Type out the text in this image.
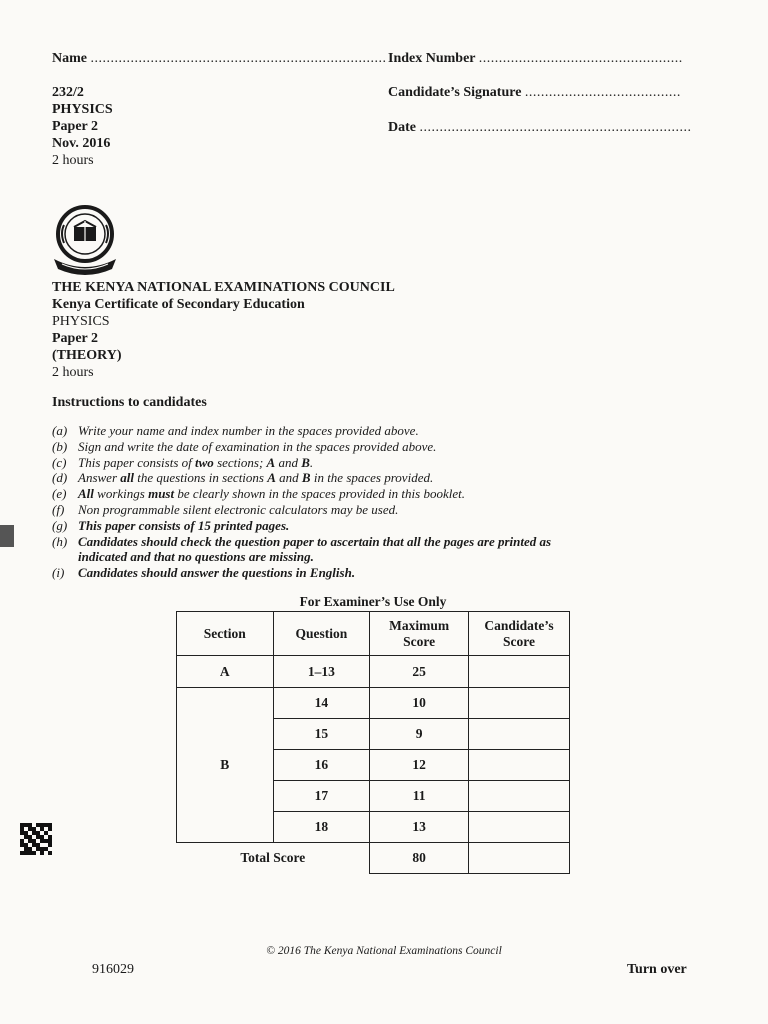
Name .......................................................................... Index Number ...................................................
Candidate’s Signature .......................................
Date ....................................................................
232/2
PHYSICS
Paper 2
Nov. 2016
2 hours
THE KENYA NATIONAL EXAMINATIONS COUNCIL
Kenya Certificate of Secondary Education
PHYSICS
Paper 2
(THEORY)
2 hours
Instructions to candidates
(a) Write your name and index number in the spaces provided above.
(b) Sign and write the date of examination in the spaces provided above.
(c) This paper consists of two sections; A and B.
(d) Answer all the questions in sections A and B in the spaces provided.
(e) All workings must be clearly shown in the spaces provided in this booklet.
(f)	Non programmable silent electronic calculators may be used.
(g) This paper consists of 15 printed pages.
(h) Candidates should check the question paper to ascertain that all the pages are printed as
indicated and that no questions are missing.
(i)	Candidates should answer the questions in English.
For Examiner’s Use Only
Section	Question	Maximum Score	Candidate’s Score
A	1–13	25	
B	14	10	
	15	9	
	16	12	
	17	11	
	18	13	
Total Score		80	
© 2016 The Kenya National Examinations Council
916029	Turn over
